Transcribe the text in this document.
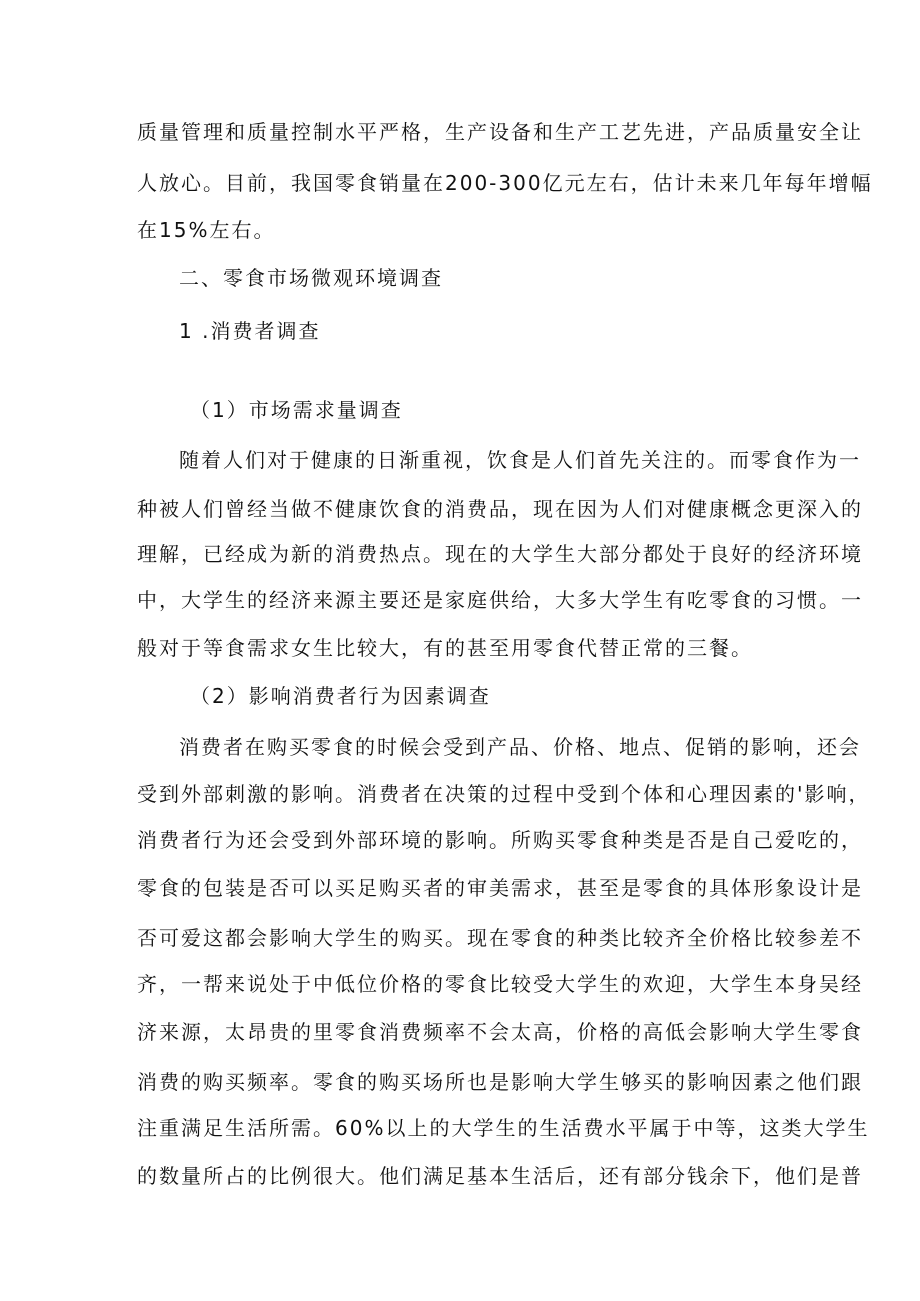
质量管理和质量控制水平严格，生产设备和生产工艺先进，产品质量安全让
人放心。目前，我国零食销量在200-300亿元左右，估计未来几年每年增幅
在15%左右。
二、零食市场微观环境调查
1 .消费者调查
（1）市场需求量调查
随着人们对于健康的日渐重视，饮食是人们首先关注的。而零食作为一
种被人们曾经当做不健康饮食的消费品，现在因为人们对健康概念更深入的
理解，已经成为新的消费热点。现在的大学生大部分都处于良好的经济环境
中，大学生的经济来源主要还是家庭供给，大多大学生有吃零食的习惯。一
般对于等食需求女生比较大，有的甚至用零食代替正常的三餐。
（2）影响消费者行为因素调查
消费者在购买零食的时候会受到产品、价格、地点、促销的影响，还会
受到外部刺激的影响。消费者在决策的过程中受到个体和心理因素的'影响，
消费者行为还会受到外部环境的影响。所购买零食种类是否是自己爱吃的，
零食的包装是否可以买足购买者的审美需求，甚至是零食的具体形象设计是
否可爱这都会影响大学生的购买。现在零食的种类比较齐全价格比较参差不
齐，一帮来说处于中低位价格的零食比较受大学生的欢迎，大学生本身吴经
济来源，太昂贵的里零食消费频率不会太高，价格的高低会影响大学生零食
消费的购买频率。零食的购买场所也是影响大学生够买的影响因素之他们跟
注重满足生活所需。60%以上的大学生的生活费水平属于中等，这类大学生
的数量所占的比例很大。他们满足基本生活后，还有部分钱余下，他们是普
